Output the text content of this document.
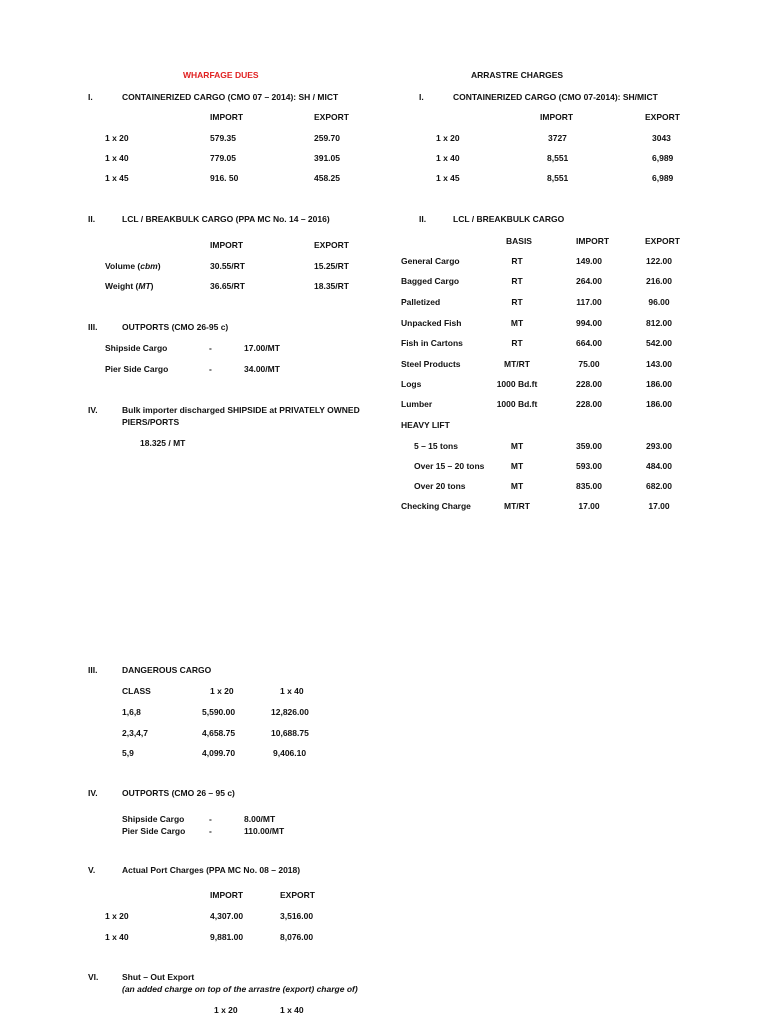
WHARFAGE DUES
I.	CONTAINERIZED CARGO (CMO 07 – 2014): SH / MICT
IMPORT	EXPORT
1 x 20	579.35	259.70
1 x 40	779.05	391.05
1 x 45	916. 50	458.25
II.	LCL / BREAKBULK CARGO (PPA MC No. 14 – 2016)
IMPORT	EXPORT
Volume (cbm)	30.55/RT	15.25/RT
Weight (MT)	36.65/RT	18.35/RT
III.	OUTPORTS (CMO 26-95 c)
Shipside Cargo	-	17.00/MT
Pier Side Cargo	-	34.00/MT
IV.	Bulk importer discharged SHIPSIDE at PRIVATELY OWNED
PIERS/PORTS
18.325 / MT
ARRASTRE CHARGES
I.	CONTAINERIZED CARGO (CMO 07-2014): SH/MICT
IMPORT	EXPORT
1 x 20	3727	3043
1 x 40	8,551	6,989
1 x 45	8,551	6,989
II.	LCL / BREAKBULK CARGO
BASIS	IMPORT	EXPORT
General Cargo	RT	149.00	122.00
Bagged Cargo	RT	264.00	216.00
Palletized	RT	117.00	96.00
Unpacked Fish	MT	994.00	812.00
Fish in Cartons	RT	664.00	542.00
Steel Products	MT/RT	75.00	143.00
Logs	1000 Bd.ft	228.00	186.00
Lumber	1000 Bd.ft	228.00	186.00
HEAVY LIFT
5 – 15 tons	MT	359.00	293.00
Over 15 – 20 tons	MT	593.00	484.00
Over 20 tons	MT	835.00	682.00
Checking Charge	MT/RT	17.00	17.00
III.	DANGEROUS CARGO
CLASS	1 x 20	1 x 40
1,6,8	5,590.00	12,826.00
2,3,4,7	4,658.75	10,688.75
5,9	4,099.70	9,406.10
IV.	OUTPORTS (CMO 26 – 95 c)
Shipside Cargo	-	8.00/MT
Pier Side Cargo	-	110.00/MT
V.	Actual Port Charges (PPA MC No. 08 – 2018)
IMPORT	EXPORT
1 x 20	4,307.00	3,516.00
1 x 40	9,881.00	8,076.00
VI.	Shut – Out Export
(an added charge on top of the arrastre (export) charge of)
1 x 20	1 x 40
